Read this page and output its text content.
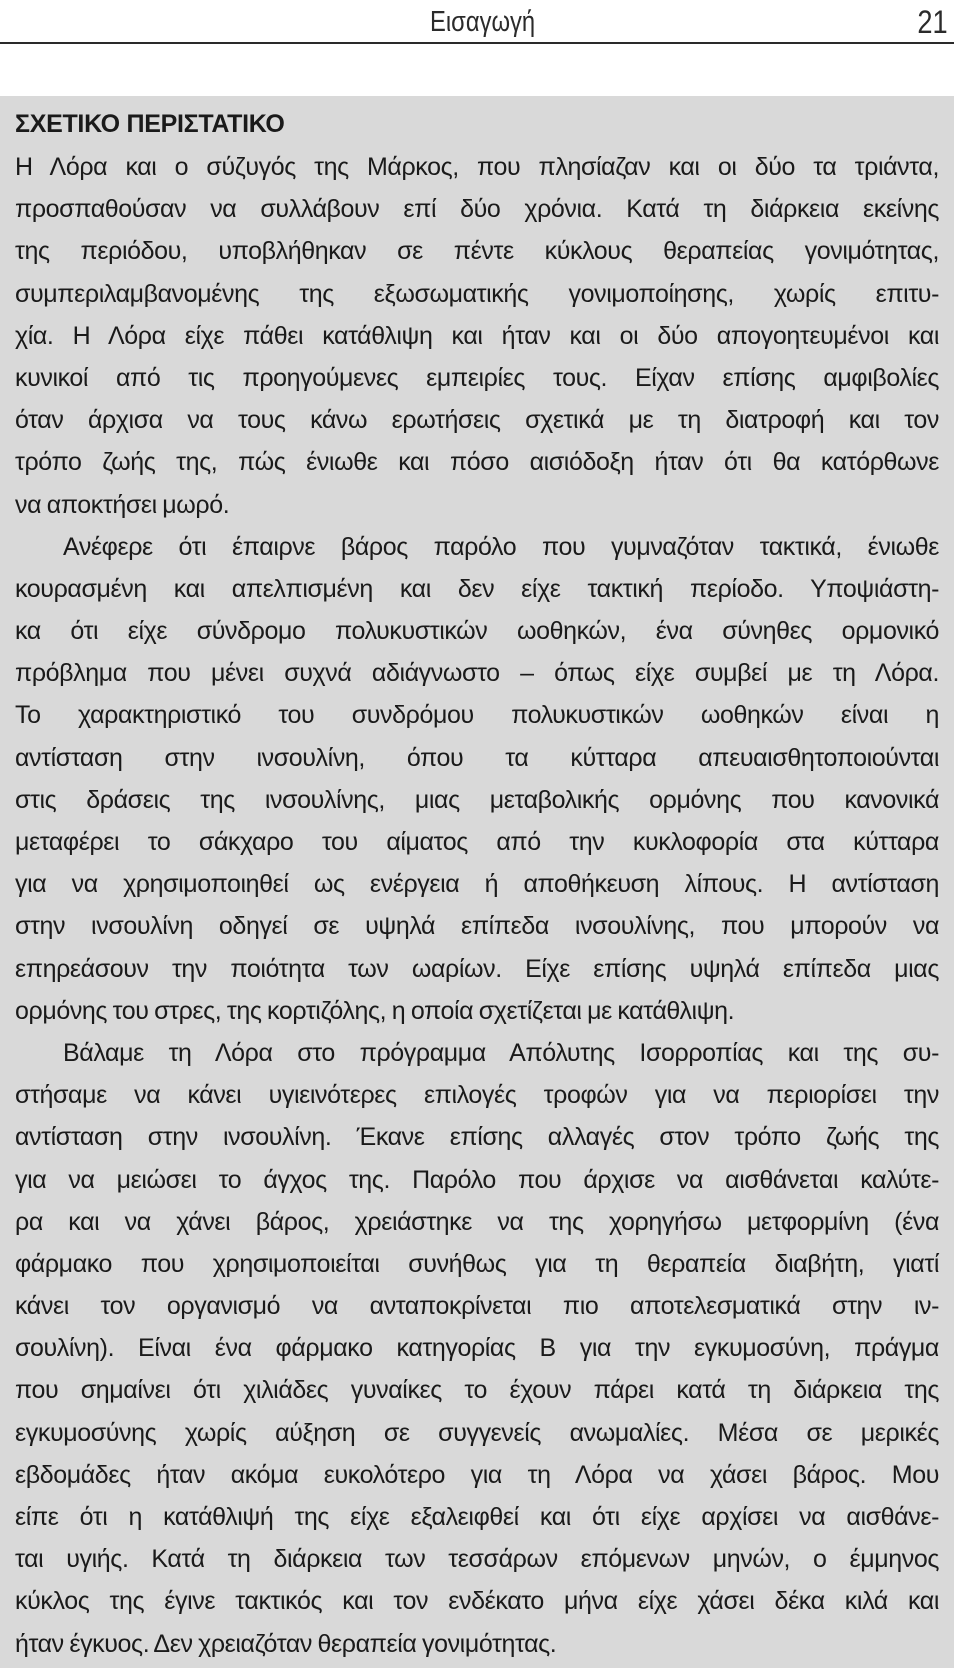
Εισαγωγή	21
ΣΧΕΤΙΚΟ ΠΕΡΙΣΤΑΤΙΚΟ
Η Λόρα και ο σύζυγός της Μάρκος, που πλησίαζαν και οι δύο τα τριάντα,
προσπαθούσαν να συλλάβουν επί δύο χρόνια. Κατά τη διάρκεια εκείνης
της περιόδου, υποβλήθηκαν σε πέντε κύκλους θεραπείας γονιμότητας,
συμπεριλαμβανομένης της εξωσωματικής γονιμοποίησης, χωρίς επιτυ-
χία. Η Λόρα είχε πάθει κατάθλιψη και ήταν και οι δύο απογοητευμένοι και
κυνικοί από τις προηγούμενες εμπειρίες τους. Είχαν επίσης αμφιβολίες
όταν άρχισα να τους κάνω ερωτήσεις σχετικά με τη διατροφή και τον
τρόπο ζωής της, πώς ένιωθε και πόσο αισιόδοξη ήταν ότι θα κατόρθωνε
να αποκτήσει μωρό.
Ανέφερε ότι έπαιρνε βάρος παρόλο που γυμναζόταν τακτικά, ένιωθε
κουρασμένη και απελπισμένη και δεν είχε τακτική περίοδο. Υποψιάστη-
κα ότι είχε σύνδρομο πολυκυστικών ωοθηκών, ένα σύνηθες ορμονικό
πρόβλημα που μένει συχνά αδιάγνωστο – όπως είχε συμβεί με τη Λόρα.
Το χαρακτηριστικό του συνδρόμου πολυκυστικών ωοθηκών είναι η
αντίσταση στην ινσουλίνη, όπου τα κύτταρα απευαισθητοποιούνται
στις δράσεις της ινσουλίνης, μιας μεταβολικής ορμόνης που κανονικά
μεταφέρει το σάκχαρο του αίματος από την κυκλοφορία στα κύτταρα
για να χρησιμοποιηθεί ως ενέργεια ή αποθήκευση λίπους. Η αντίσταση
στην ινσουλίνη οδηγεί σε υψηλά επίπεδα ινσουλίνης, που μπορούν να
επηρεάσουν την ποιότητα των ωαρίων. Είχε επίσης υψηλά επίπεδα μιας
ορμόνης του στρες, της κορτιζόλης, η οποία σχετίζεται με κατάθλιψη.
Βάλαμε τη Λόρα στο πρόγραμμα Απόλυτης Ισορροπίας και της συ-
στήσαμε να κάνει υγιεινότερες επιλογές τροφών για να περιορίσει την
αντίσταση στην ινσουλίνη. Έκανε επίσης αλλαγές στον τρόπο ζωής της
για να μειώσει το άγχος της. Παρόλο που άρχισε να αισθάνεται καλύτε-
ρα και να χάνει βάρος, χρειάστηκε να της χορηγήσω μετφορμίνη (ένα
φάρμακο που χρησιμοποιείται συνήθως για τη θεραπεία διαβήτη, γιατί
κάνει τον οργανισμό να ανταποκρίνεται πιο αποτελεσματικά στην ιν-
σουλίνη). Είναι ένα φάρμακο κατηγορίας Β για την εγκυμοσύνη, πράγμα
που σημαίνει ότι χιλιάδες γυναίκες το έχουν πάρει κατά τη διάρκεια της
εγκυμοσύνης χωρίς αύξηση σε συγγενείς ανωμαλίες. Μέσα σε μερικές
εβδομάδες ήταν ακόμα ευκολότερο για τη Λόρα να χάσει βάρος. Μου
είπε ότι η κατάθλιψή της είχε εξαλειφθεί και ότι είχε αρχίσει να αισθάνε-
ται υγιής. Κατά τη διάρκεια των τεσσάρων επόμενων μηνών, ο έμμηνος
κύκλος της έγινε τακτικός και τον ενδέκατο μήνα είχε χάσει δέκα κιλά και
ήταν έγκυος. Δεν χρειαζόταν θεραπεία γονιμότητας.
